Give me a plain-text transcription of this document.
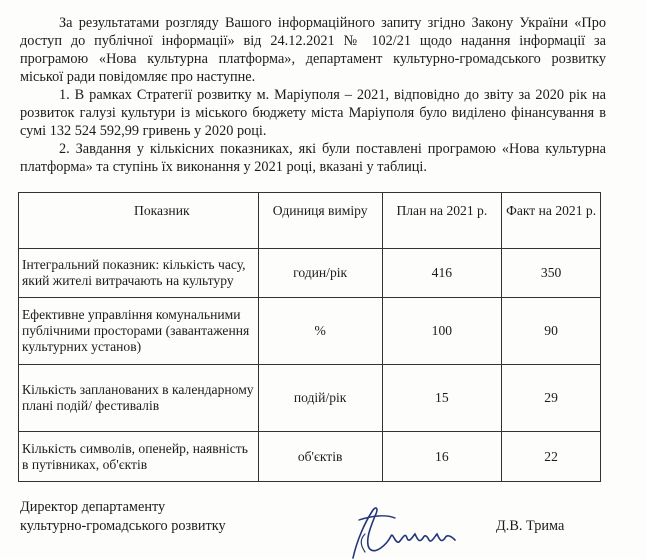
За результатами розгляду Вашого інформаційного запиту згідно Закону України «Про доступ до публічної інформації» від 24.12.2021 № 102/21 щодо надання інформації за програмою «Нова культурна платформа», департамент культурно-громадського розвитку міської ради повідомляє про наступне.
1. В рамках Стратегії розвитку м. Маріуполя – 2021, відповідно до звіту за 2020 рік на розвиток галузі культури із міського бюджету міста Маріуполя було виділено фінансування в сумі 132 524 592,99 гривень у 2020 році.
2. Завдання у кількісних показниках, які були поставлені програмою «Нова культурна платформа» та ступінь їх виконання у 2021 році, вказані у таблиці.
Показник	Одиниця виміру	План на 2021 р.	Факт на 2021 р.
Інтегральний показник: кількість часу, який жителі витрачають на культуру	годин/рік	416	350
Ефективне управління комунальними публічними просторами (завантаження культурних установ)	%	100	90
Кількість запланованих в календарному плані подій/ фестивалів	подій/рік	15	29
Кількість символів, опенейр, наявність в путівниках, об'єктів	об'єктів	16	22
Директор департаменту
культурно-громадського розвитку	Д.В. Трима
